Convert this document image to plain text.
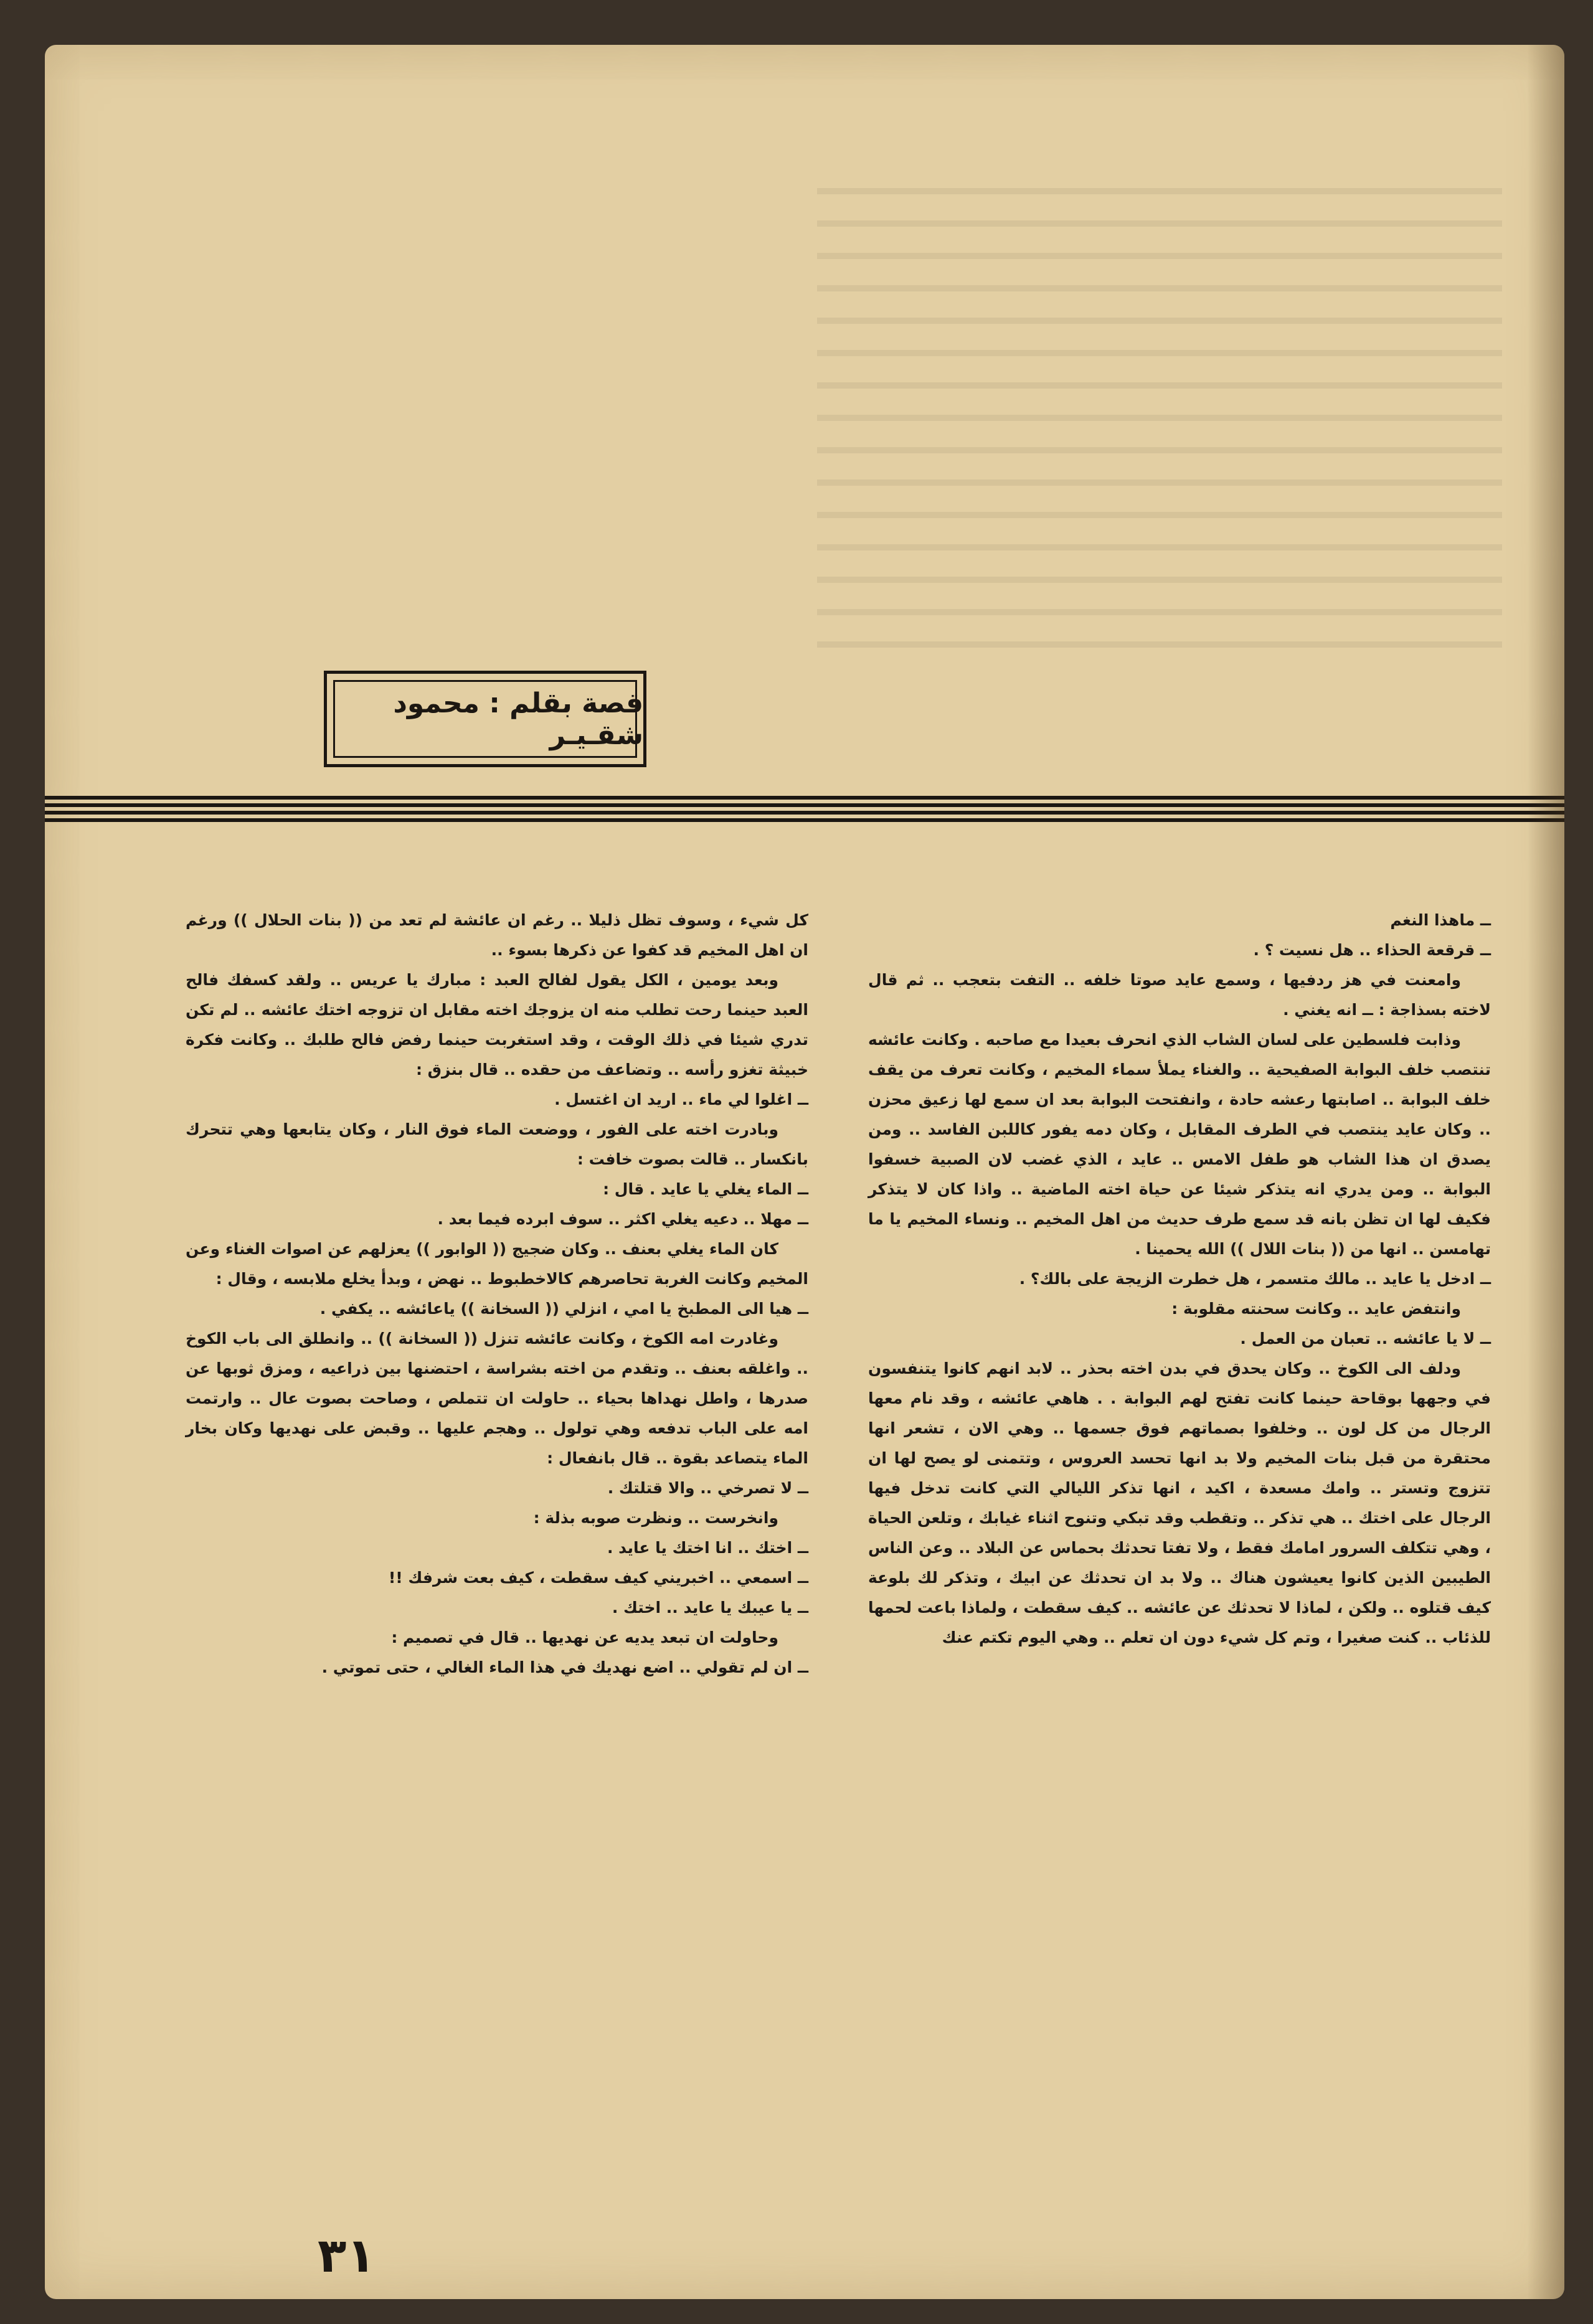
قصة بقلم : محمود شقـيـر

ــ ماهذا النغم

ــ قرقعة الحذاء .. هل نسيت ؟ .

وامعنت في هز ردفيها ، وسمع عايد صوتا خلفه .. التفت بتعجب .. ثم قال لاخته بسذاجة : ــ انه يغني .

وذابت فلسطين على لسان الشاب الذي انحرف بعيدا مع صاحبه . وكانت عائشه تنتصب خلف البوابة الصفيحية .. والغناء يملأ سماء المخيم ، وكانت تعرف من يقف خلف البوابة .. اصابتها رعشه حادة ، وانفتحت البوابة بعد ان سمع لها زعيق محزن .. وكان عايد ينتصب في الطرف المقابل ، وكان دمه يفور كاللبن الفاسد .. ومن يصدق ان هذا الشاب هو طفل الامس .. عايد ، الذي غضب لان الصبية خسفوا البوابة .. ومن يدري انه يتذكر شيئا عن حياة اخته الماضية .. واذا كان لا يتذكر فكيف لها ان تظن بانه قد سمع طرف حديث من اهل المخيم .. ونساء المخيم يا ما تهامسن .. انها من (( بنات اللال )) الله يحمينا .

ــ ادخل يا عايد .. مالك متسمر ، هل خطرت الزيجة على بالك؟ .

وانتفض عايد .. وكانت سحنته مقلوبة :

ــ لا يا عائشه .. تعبان من العمل .

ودلف الى الكوخ .. وكان يحدق في بدن اخته بحذر .. لابد انهم كانوا يتنفسون في وجهها بوقاحة حينما كانت تفتح لهم البوابة . . هاهي عائشه ، وقد نام معها الرجال من كل لون .. وخلفوا بصماتهم فوق جسمها .. وهي الان ، تشعر انها محتقرة من قبل بنات المخيم ولا بد انها تحسد العروس ، وتتمنى لو يصح لها ان تتزوج وتستر .. وامك مسعدة ، اكيد ، انها تذكر الليالي التي كانت تدخل فيها الرجال على اختك .. هي تذكر .. وتقطب وقد تبكي وتنوح اثناء غيابك ، وتلعن الحياة ، وهي تتكلف السرور امامك فقط ، ولا تفتا تحدثك بحماس عن البلاد .. وعن الناس الطيبين الذين كانوا يعيشون هناك .. ولا بد ان تحدثك عن ابيك ، وتذكر لك بلوعة كيف قتلوه .. ولكن ، لماذا لا تحدثك عن عائشه .. كيف سقطت ، ولماذا باعت لحمها للذئاب .. كنت صغيرا ، وتم كل شيء دون ان تعلم .. وهي اليوم تكتم عنك

كل شيء ، وسوف تظل ذليلا .. رغم ان عائشة لم تعد من (( بنات الحلال )) ورغم ان اهل المخيم قد كفوا عن ذكرها بسوء ..

وبعد يومين ، الكل يقول لفالح العبد : مبارك يا عريس .. ولقد كسفك فالح العبد حينما رحت تطلب منه ان يزوجك اخته مقابل ان تزوجه اختك عائشه .. لم تكن تدري شيئا في ذلك الوقت ، وقد استغربت حينما رفض فالح طلبك .. وكانت فكرة خبيثة تغزو رأسه .. وتضاعف من حقده .. قال بنزق :

ــ اغلوا لي ماء .. اريد ان اغتسل .

وبادرت اخته على الفور ، ووضعت الماء فوق النار ، وكان يتابعها وهي تتحرك بانكسار .. قالت بصوت خافت :

ــ الماء يغلي يا عايد . قال :

ــ مهلا .. دعيه يغلي اكثر .. سوف ابرده فيما بعد .

كان الماء يغلي بعنف .. وكان ضجيج (( الوابور )) يعزلهم عن اصوات الغناء وعن المخيم وكانت الغربة تحاصرهم كالاخطبوط .. نهض ، وبدأ يخلع ملابسه ، وقال :

ــ هيا الى المطبخ يا امي ، انزلي (( السخانة )) ياعائشه .. يكفي .

وغادرت امه الكوخ ، وكانت عائشه تنزل (( السخانة )) .. وانطلق الى باب الكوخ .. واغلقه بعنف .. وتقدم من اخته بشراسة ، احتضنها بين ذراعيه ، ومزق ثوبها عن صدرها ، واطل نهداها بحياء .. حاولت ان تتملص ، وصاحت بصوت عال .. وارتمت امه على الباب تدفعه وهي تولول .. وهجم عليها .. وقبض على نهديها وكان بخار الماء يتصاعد بقوة .. قال بانفعال :

ــ لا تصرخي .. والا قتلتك .

وانخرست .. ونظرت صوبه بذلة :

ــ اختك .. انا اختك يا عايد .

ــ اسمعي .. اخبريني كيف سقطت ، كيف بعت شرفك !!

ــ يا عيبك يا عايد .. اختك .

وحاولت ان تبعد يديه عن نهديها .. قال في تصميم :

ــ ان لم تقولي .. اضع نهديك في هذا الماء الغالي ، حتى تموتي .

٣١
